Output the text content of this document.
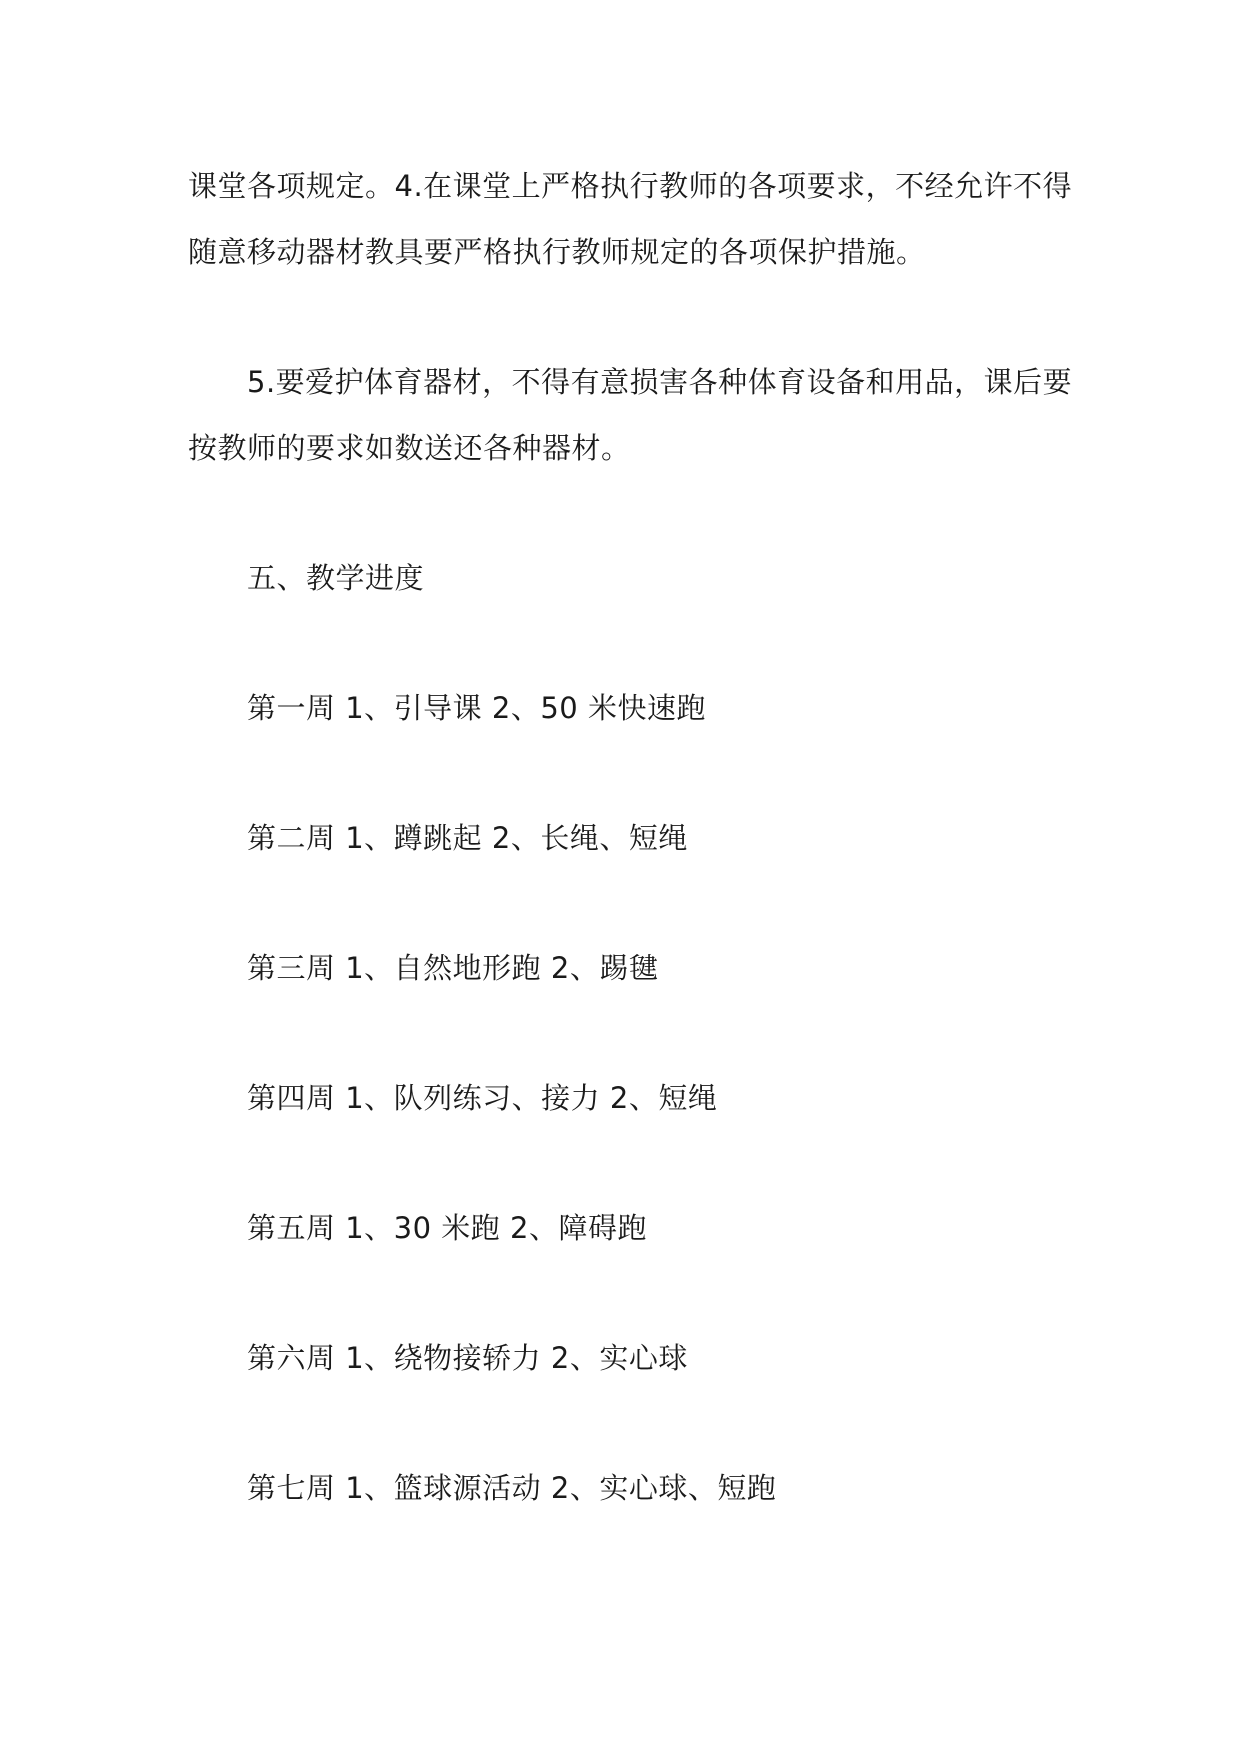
课堂各项规定。4.在课堂上严格执行教师的各项要求，不经允许不得
随意移动器材教具要严格执行教师规定的各项保护措施。
5.要爱护体育器材，不得有意损害各种体育设备和用品，课后要
按教师的要求如数送还各种器材。
五、教学进度
第一周 1、引导课 2、50 米快速跑
第二周 1、蹲跳起 2、长绳、短绳
第三周 1、自然地形跑 2、踢毽
第四周 1、队列练习、接力 2、短绳
第五周 1、30 米跑 2、障碍跑
第六周 1、绕物接轿力 2、实心球
第七周 1、篮球源活动 2、实心球、短跑
